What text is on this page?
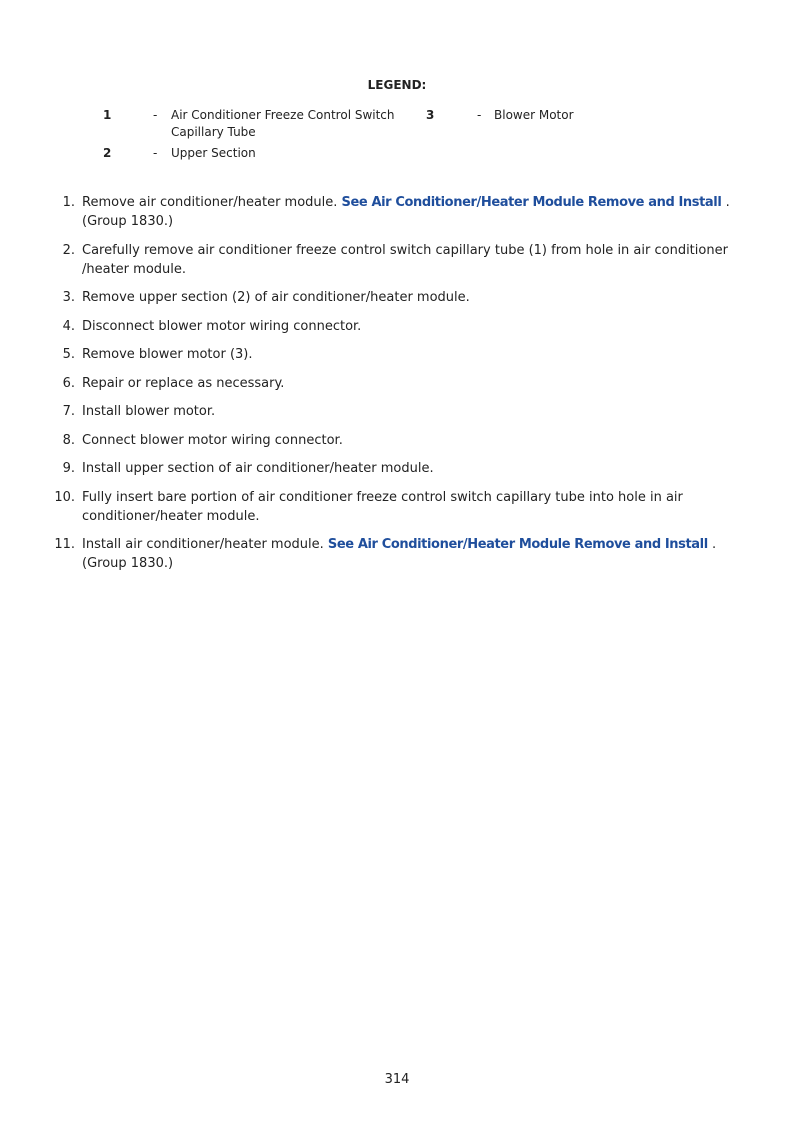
LEGEND:
1	- Air Conditioner Freeze Control Switch Capillary Tube
2	- Upper Section
3	- Blower Motor
1. Remove air conditioner/heater module. See Air Conditioner/Heater Module Remove and Install . (Group 1830.)
2. Carefully remove air conditioner freeze control switch capillary tube (1) from hole in air conditioner /heater module.
3. Remove upper section (2) of air conditioner/heater module.
4. Disconnect blower motor wiring connector.
5. Remove blower motor (3).
6. Repair or replace as necessary.
7. Install blower motor.
8. Connect blower motor wiring connector.
9. Install upper section of air conditioner/heater module.
10. Fully insert bare portion of air conditioner freeze control switch capillary tube into hole in air conditioner/heater module.
11. Install air conditioner/heater module. See Air Conditioner/Heater Module Remove and Install . (Group 1830.)
314
